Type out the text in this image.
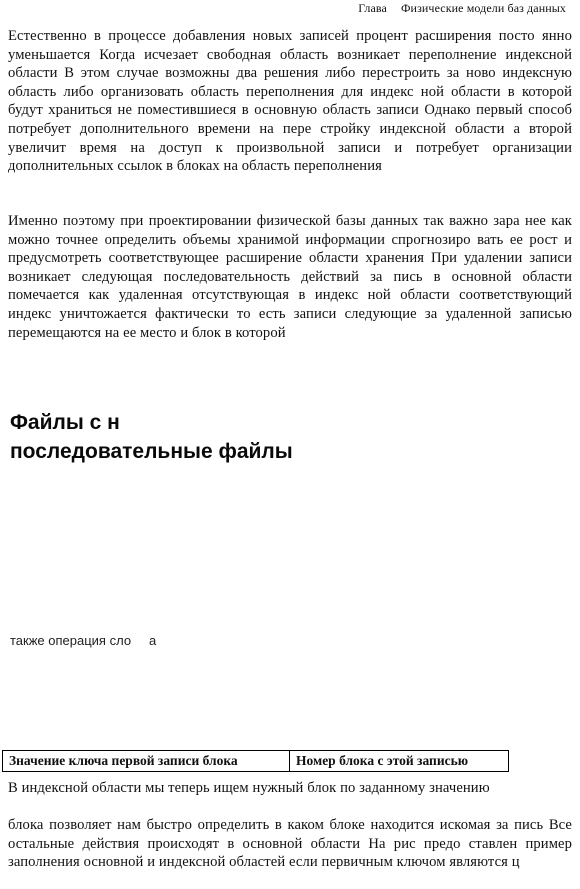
Глава Физические модели баз данных

Естественно в процессе добавления новых записей процент расширения посто янно уменьшается Когда исчезает свободная область возникает переполнение индексной области В этом случае возможны два решения либо перестроить за ново индексную область либо организовать область переполнения для индекс ной области в которой будут храниться не поместившиеся в основную область записи Однако первый способ потребует дополнительного времени на пере стройку индексной области а второй увеличит время на доступ к произвольной записи и потребует организации дополнительных ссылок в блоках на область переполнения

Именно поэтому при проектировании физической базы данных так важно зара нее как можно точнее определить объемы хранимой информации спрогнозиро вать ее рост и предусмотреть соответствующее расширение области хранения При удалении записи возникает следующая последовательность действий за пись в основной области помечается как удаленная отсутствующая в индекс ной области соответствующий индекс уничтожается фактически то есть записи следующие за удаленной записью перемещаются на ее место и блок в которой

Файлы с н
последовательные файлы
также операция сло а
Значение ключа первой записи блока	Номер блока с этой записью

В индексной области мы теперь ищем нужный блок по заданному значению

блока позволяет нам быстро определить в каком блоке находится искомая за пись Все остальные действия происходят в основной области На рис предо ставлен пример заполнения основной и индексной областей если первичным ключом являются ц
